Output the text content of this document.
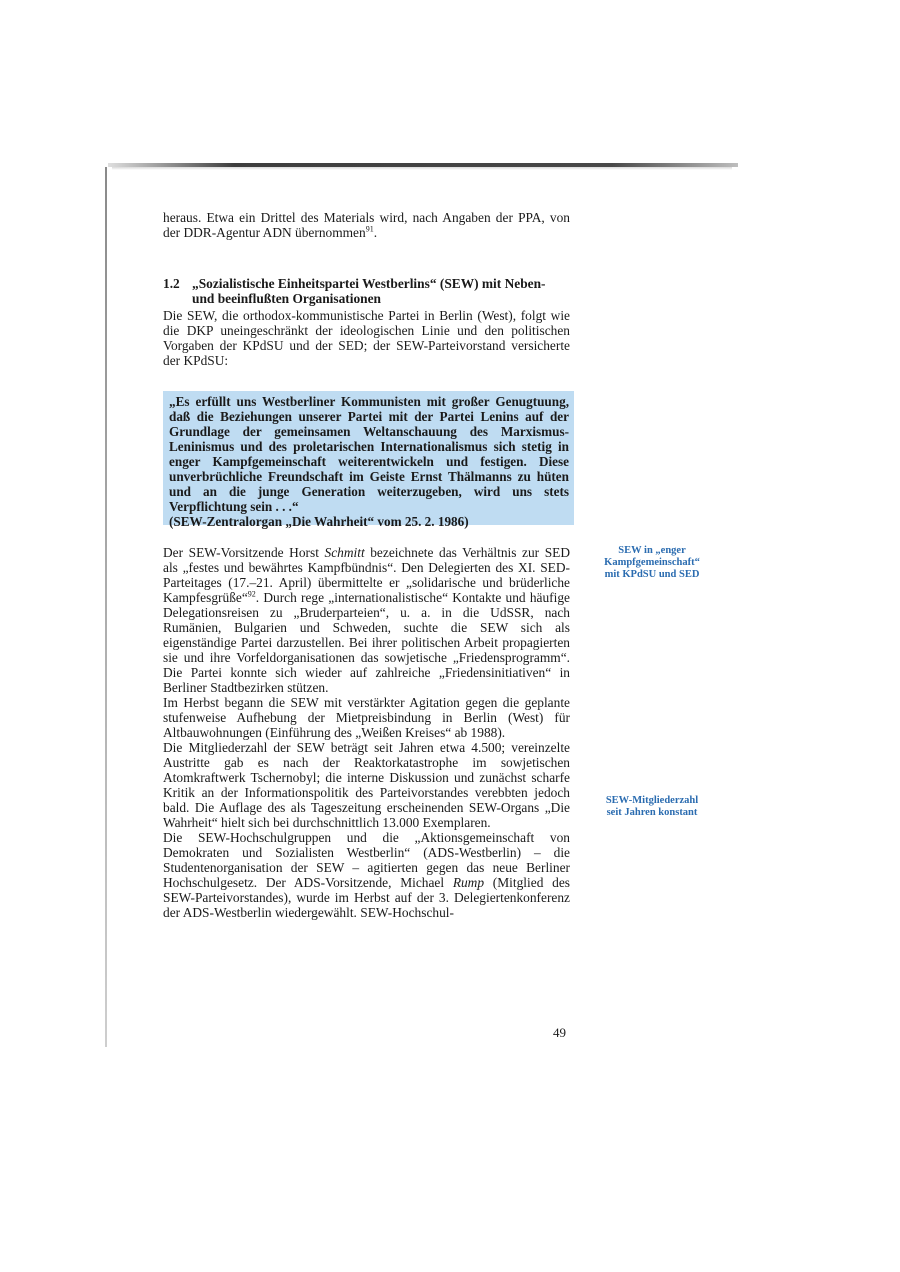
heraus. Etwa ein Drittel des Materials wird, nach Angaben der PPA, von der DDR-Agentur ADN übernommen$^{91}$.

1.2 „Sozialistische Einheitspartei Westberlins“ (SEW) mit Neben-
und beeinflußten Organisationen

Die SEW, die orthodox-kommunistische Partei in Berlin (West), folgt wie die DKP uneingeschränkt der ideologischen Linie und den politischen Vorgaben der KPdSU und der SED; der SEW-Parteivorstand versicherte der KPdSU:

„Es erfüllt uns Westberliner Kommunisten mit großer Genugtuung, daß die Beziehungen unserer Partei mit der Partei Lenins auf der Grundlage der gemeinsamen Weltanschauung des Marxismus-Leninismus und des proletarischen Internationalismus sich stetig in enger Kampfgemeinschaft weiterentwickeln und festigen. Diese unverbrüchliche Freundschaft im Geiste Ernst Thälmanns zu hüten und an die junge Generation weiterzugeben, wird uns stets Verpflichtung sein . . .“
(SEW-Zentralorgan „Die Wahrheit“ vom 25. 2. 1986)

Der SEW-Vorsitzende Horst Schmitt bezeichnete das Verhältnis zur SED als „festes und bewährtes Kampfbündnis“. Den Delegierten des XI. SED-Parteitages (17.–21. April) übermittelte er „solidarische und brüderliche Kampfesgrüße“$^{92}$. Durch rege „internationalistische“ Kontakte und häufige Delegationsreisen zu „Bruderparteien“, u. a. in die UdSSR, nach Rumänien, Bulgarien und Schweden, suchte die SEW sich als eigenständige Partei darzustellen. Bei ihrer politischen Arbeit propagierten sie und ihre Vorfeldorganisationen das sowjetische „Friedensprogramm“. Die Partei konnte sich wieder auf zahlreiche „Friedensinitiativen“ in Berliner Stadtbezirken stützen.

Im Herbst begann die SEW mit verstärkter Agitation gegen die geplante stufenweise Aufhebung der Mietpreisbindung in Berlin (West) für Altbauwohnungen (Einführung des „Weißen Kreises“ ab 1988).

Die Mitgliederzahl der SEW beträgt seit Jahren etwa 4.500; vereinzelte Austritte gab es nach der Reaktorkatastrophe im sowjetischen Atomkraftwerk Tschernobyl; die interne Diskussion und zunächst scharfe Kritik an der Informationspolitik des Parteivorstandes verebbten jedoch bald. Die Auflage des als Tageszeitung erscheinenden SEW-Organs „Die Wahrheit“ hielt sich bei durchschnittlich 13.000 Exemplaren.

Die SEW-Hochschulgruppen und die „Aktionsgemeinschaft von Demokraten und Sozialisten Westberlin“ (ADS-Westberlin) – die Studentenorganisation der SEW – agitierten gegen das neue Berliner Hochschulgesetz. Der ADS-Vorsitzende, Michael Rump (Mitglied des SEW-Parteivorstandes), wurde im Herbst auf der 3. Delegiertenkonferenz der ADS-Westberlin wiedergewählt. SEW-Hochschul-

SEW in „enger
Kampfgemeinschaft“
mit KPdSU und SED
SEW-Mitgliederzahl
seit Jahren konstant
49
